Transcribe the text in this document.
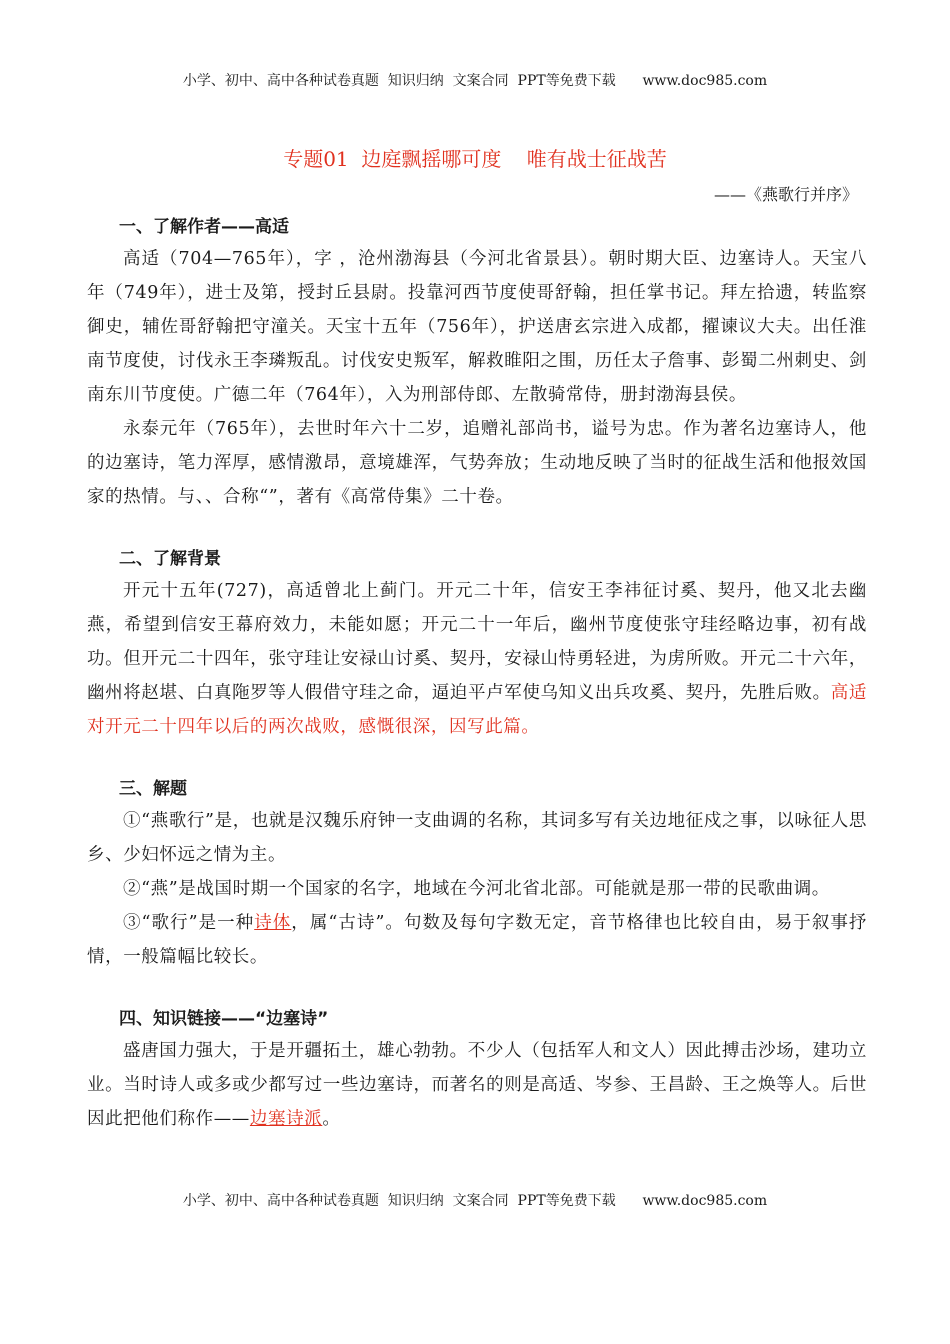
小学、初中、高中各种试卷真题  知识归纳  文案合同  PPT等免费下载      www.doc985.com
专题01  边庭飘摇哪可度    唯有战士征战苦
——《燕歌行并序》
一、了解作者——高适

高适（704—765年），字 ，沧州渤海县（今河北省景县）。朝时期大臣、边塞诗人。天宝八年（749年），进士及第，授封丘县尉。投靠河西节度使哥舒翰，担任掌书记。拜左拾遗，转监察御史，辅佐哥舒翰把守潼关。天宝十五年（756年），护送唐玄宗进入成都，擢谏议大夫。出任淮南节度使，讨伐永王李璘叛乱。讨伐安史叛军，解救睢阳之围，历任太子詹事、彭蜀二州刺史、剑南东川节度使。广德二年（764年），入为刑部侍郎、左散骑常侍，册封渤海县侯。

永泰元年（765年），去世时年六十二岁，追赠礼部尚书，谥号为忠。作为著名边塞诗人，他的边塞诗，笔力浑厚，感情激昂，意境雄浑，气势奔放；生动地反映了当时的征战生活和他报效国家的热情。与、、合称“”，著有《高常侍集》二十卷。

二、了解背景

开元十五年(727)，高适曾北上蓟门。开元二十年，信安王李祎征讨奚、契丹，他又北去幽燕，希望到信安王幕府效力，未能如愿；开元二十一年后，幽州节度使张守珪经略边事，初有战功。但开元二十四年，张守珪让安禄山讨奚、契丹，安禄山恃勇轻进，为虏所败。开元二十六年，幽州将赵堪、白真陁罗等人假借守珪之命，逼迫平卢军使乌知义出兵攻奚、契丹，先胜后败。高适对开元二十四年以后的两次战败，感慨很深，因写此篇。

三、解题

①“燕歌行”是，也就是汉魏乐府钟一支曲调的名称，其词多写有关边地征戍之事，以咏征人思乡、少妇怀远之情为主。

②“燕”是战国时期一个国家的名字，地域在今河北省北部。可能就是那一带的民歌曲调。

③“歌行”是一种诗体，属“古诗”。句数及每句字数无定，音节格律也比较自由，易于叙事抒情，一般篇幅比较长。

四、知识链接——“边塞诗”

盛唐国力强大，于是开疆拓土，雄心勃勃。不少人（包括军人和文人）因此搏击沙场，建功立业。当时诗人或多或少都写过一些边塞诗，而著名的则是高适、岑参、王昌龄、王之焕等人。后世因此把他们称作——边塞诗派。

小学、初中、高中各种试卷真题  知识归纳  文案合同  PPT等免费下载      www.doc985.com
